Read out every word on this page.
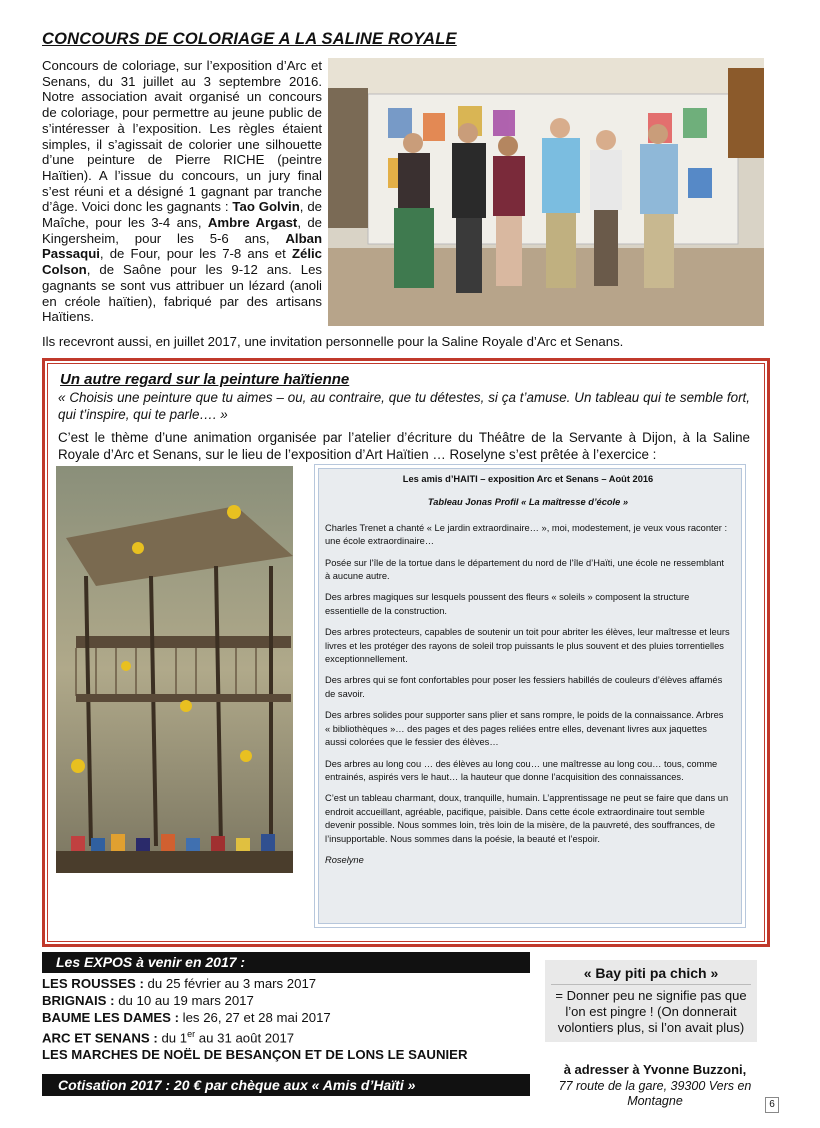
CONCOURS DE COLORIAGE A LA SALINE ROYALE
Concours de coloriage, sur l’exposition d’Arc et Senans, du 31 juillet au 3 septembre 2016. Notre association avait organisé un concours de coloriage, pour permettre au jeune public de s’intéresser à l’exposition. Les règles étaient simples, il s’agissait de colorier une silhouette d’une peinture de Pierre RICHE (peintre Haïtien). A l’issue du concours, un jury final s’est réuni et a désigné 1 gagnant par tranche d’âge. Voici donc les gagnants : Tao Golvin, de Maîche, pour les 3-4 ans, Ambre Argast, de Kingersheim, pour les 5-6 ans, Alban Passaqui, de Four, pour les 7-8 ans et Zélic Colson, de Saône pour les 9-12 ans. Les gagnants se sont vus attribuer un lézard (anoli en créole haïtien), fabriqué par des artisans Haïtiens.
Ils recevront aussi, en juillet 2017, une invitation personnelle pour la Saline Royale d’Arc et Senans.
Un autre regard sur la peinture haïtienne
« Choisis une peinture que tu aimes – ou, au contraire, que tu détestes, si ça t’amuse. Un tableau qui te semble fort, qui t’inspire, qui te parle…. »
C’est le thème d’une animation organisée par l’atelier d’écriture du Théâtre de la Servante à Dijon, à la Saline Royale d’Arc et Senans, sur le lieu de l’exposition d’Art Haïtien … Roselyne s’est prêtée à l’exercice :
Les amis d’HAITI – exposition Arc et Senans – Août 2016
Tableau Jonas Profil « La maîtresse d’école »
Charles Trenet a chanté « Le jardin extraordinaire… », moi, modestement, je veux vous raconter : une école extraordinaire…
Posée sur l’île de la tortue dans le département du nord de l’île d’Haïti, une école ne ressemblant à aucune autre.
Des arbres magiques sur lesquels poussent des fleurs « soleils » composent la structure essentielle de la construction.
Des arbres protecteurs, capables de soutenir un toit pour abriter les élèves, leur maîtresse et leurs livres et les protéger des rayons de soleil trop puissants le plus souvent et des pluies torrentielles exceptionnellement.
Des arbres qui se font confortables pour poser les fessiers habillés de couleurs d’élèves affamés de savoir.
Des arbres solides pour supporter sans plier et sans rompre, le poids de la connaissance. Arbres « bibliothèques »… des pages et des pages reliées entre elles, devenant livres aux jaquettes aussi colorées que le fessier des élèves…
Des arbres au long cou … des élèves au long cou… une maîtresse au long cou… tous, comme entrainés, aspirés vers le haut… la hauteur que donne l’acquisition des connaissances.
C’est un tableau charmant, doux, tranquille, humain. L’apprentissage ne peut se faire que dans un endroit accueillant, agréable, pacifique, paisible. Dans cette école extraordinaire tout semble devenir possible. Nous sommes loin, très loin de la misère, de la pauvreté, des souffrances, de l’insupportable. Nous sommes dans la poésie, la beauté et l’espoir.
Roselyne
Les EXPOS à venir en 2017 :
LES ROUSSES : du 25 février au 3 mars 2017
BRIGNAIS : du 10 au 19 mars 2017
BAUME LES DAMES : les 26, 27 et 28 mai 2017
ARC ET SENANS : du 1er au 31 août 2017
LES MARCHES DE NOËL DE BESANÇON ET DE LONS LE SAUNIER
Cotisation 2017 : 20 € par chèque aux « Amis d’Haïti »
« Bay piti pa chich »
= Donner peu ne signifie pas que l’on est pingre ! (On donnerait volontiers plus, si l’on avait plus)
à adresser à Yvonne Buzzoni,
77 route de la gare, 39300 Vers en Montagne	6
